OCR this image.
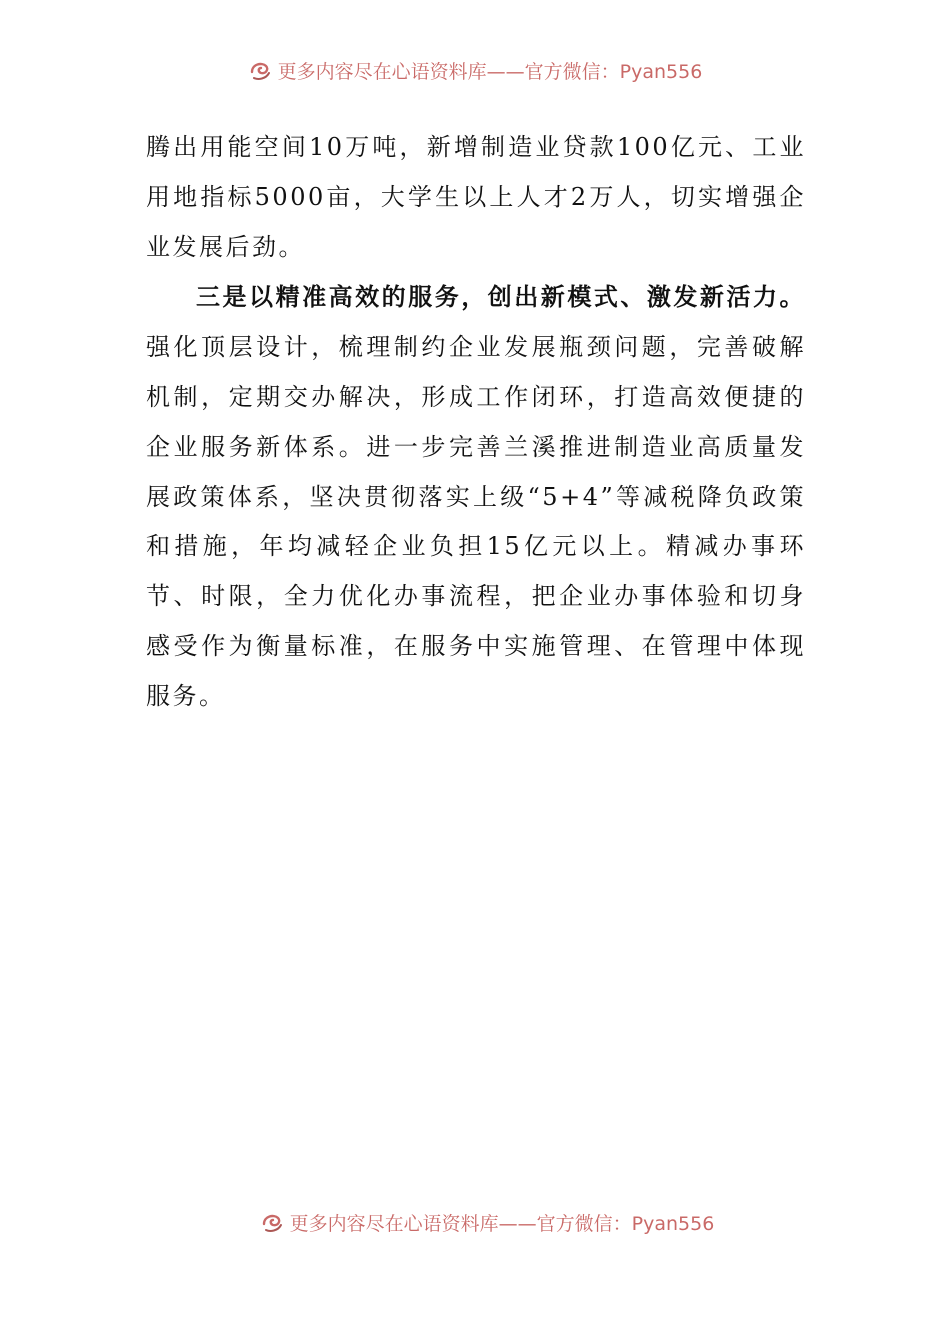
更多内容尽在心语资料库——官方微信：Pyan556

腾出用能空间10万吨，新增制造业贷款100亿元、工业用地指标5000亩，大学生以上人才2万人，切实增强企业发展后劲。

三是以精准高效的服务，创出新模式、激发新活力。强化顶层设计，梳理制约企业发展瓶颈问题，完善破解机制，定期交办解决，形成工作闭环，打造高效便捷的企业服务新体系。进一步完善兰溪推进制造业高质量发展政策体系，坚决贯彻落实上级“5+4”等减税降负政策和措施，年均减轻企业负担15亿元以上。精减办事环节、时限，全力优化办事流程，把企业办事体验和切身感受作为衡量标准，在服务中实施管理、在管理中体现服务。

更多内容尽在心语资料库——官方微信：Pyan556
